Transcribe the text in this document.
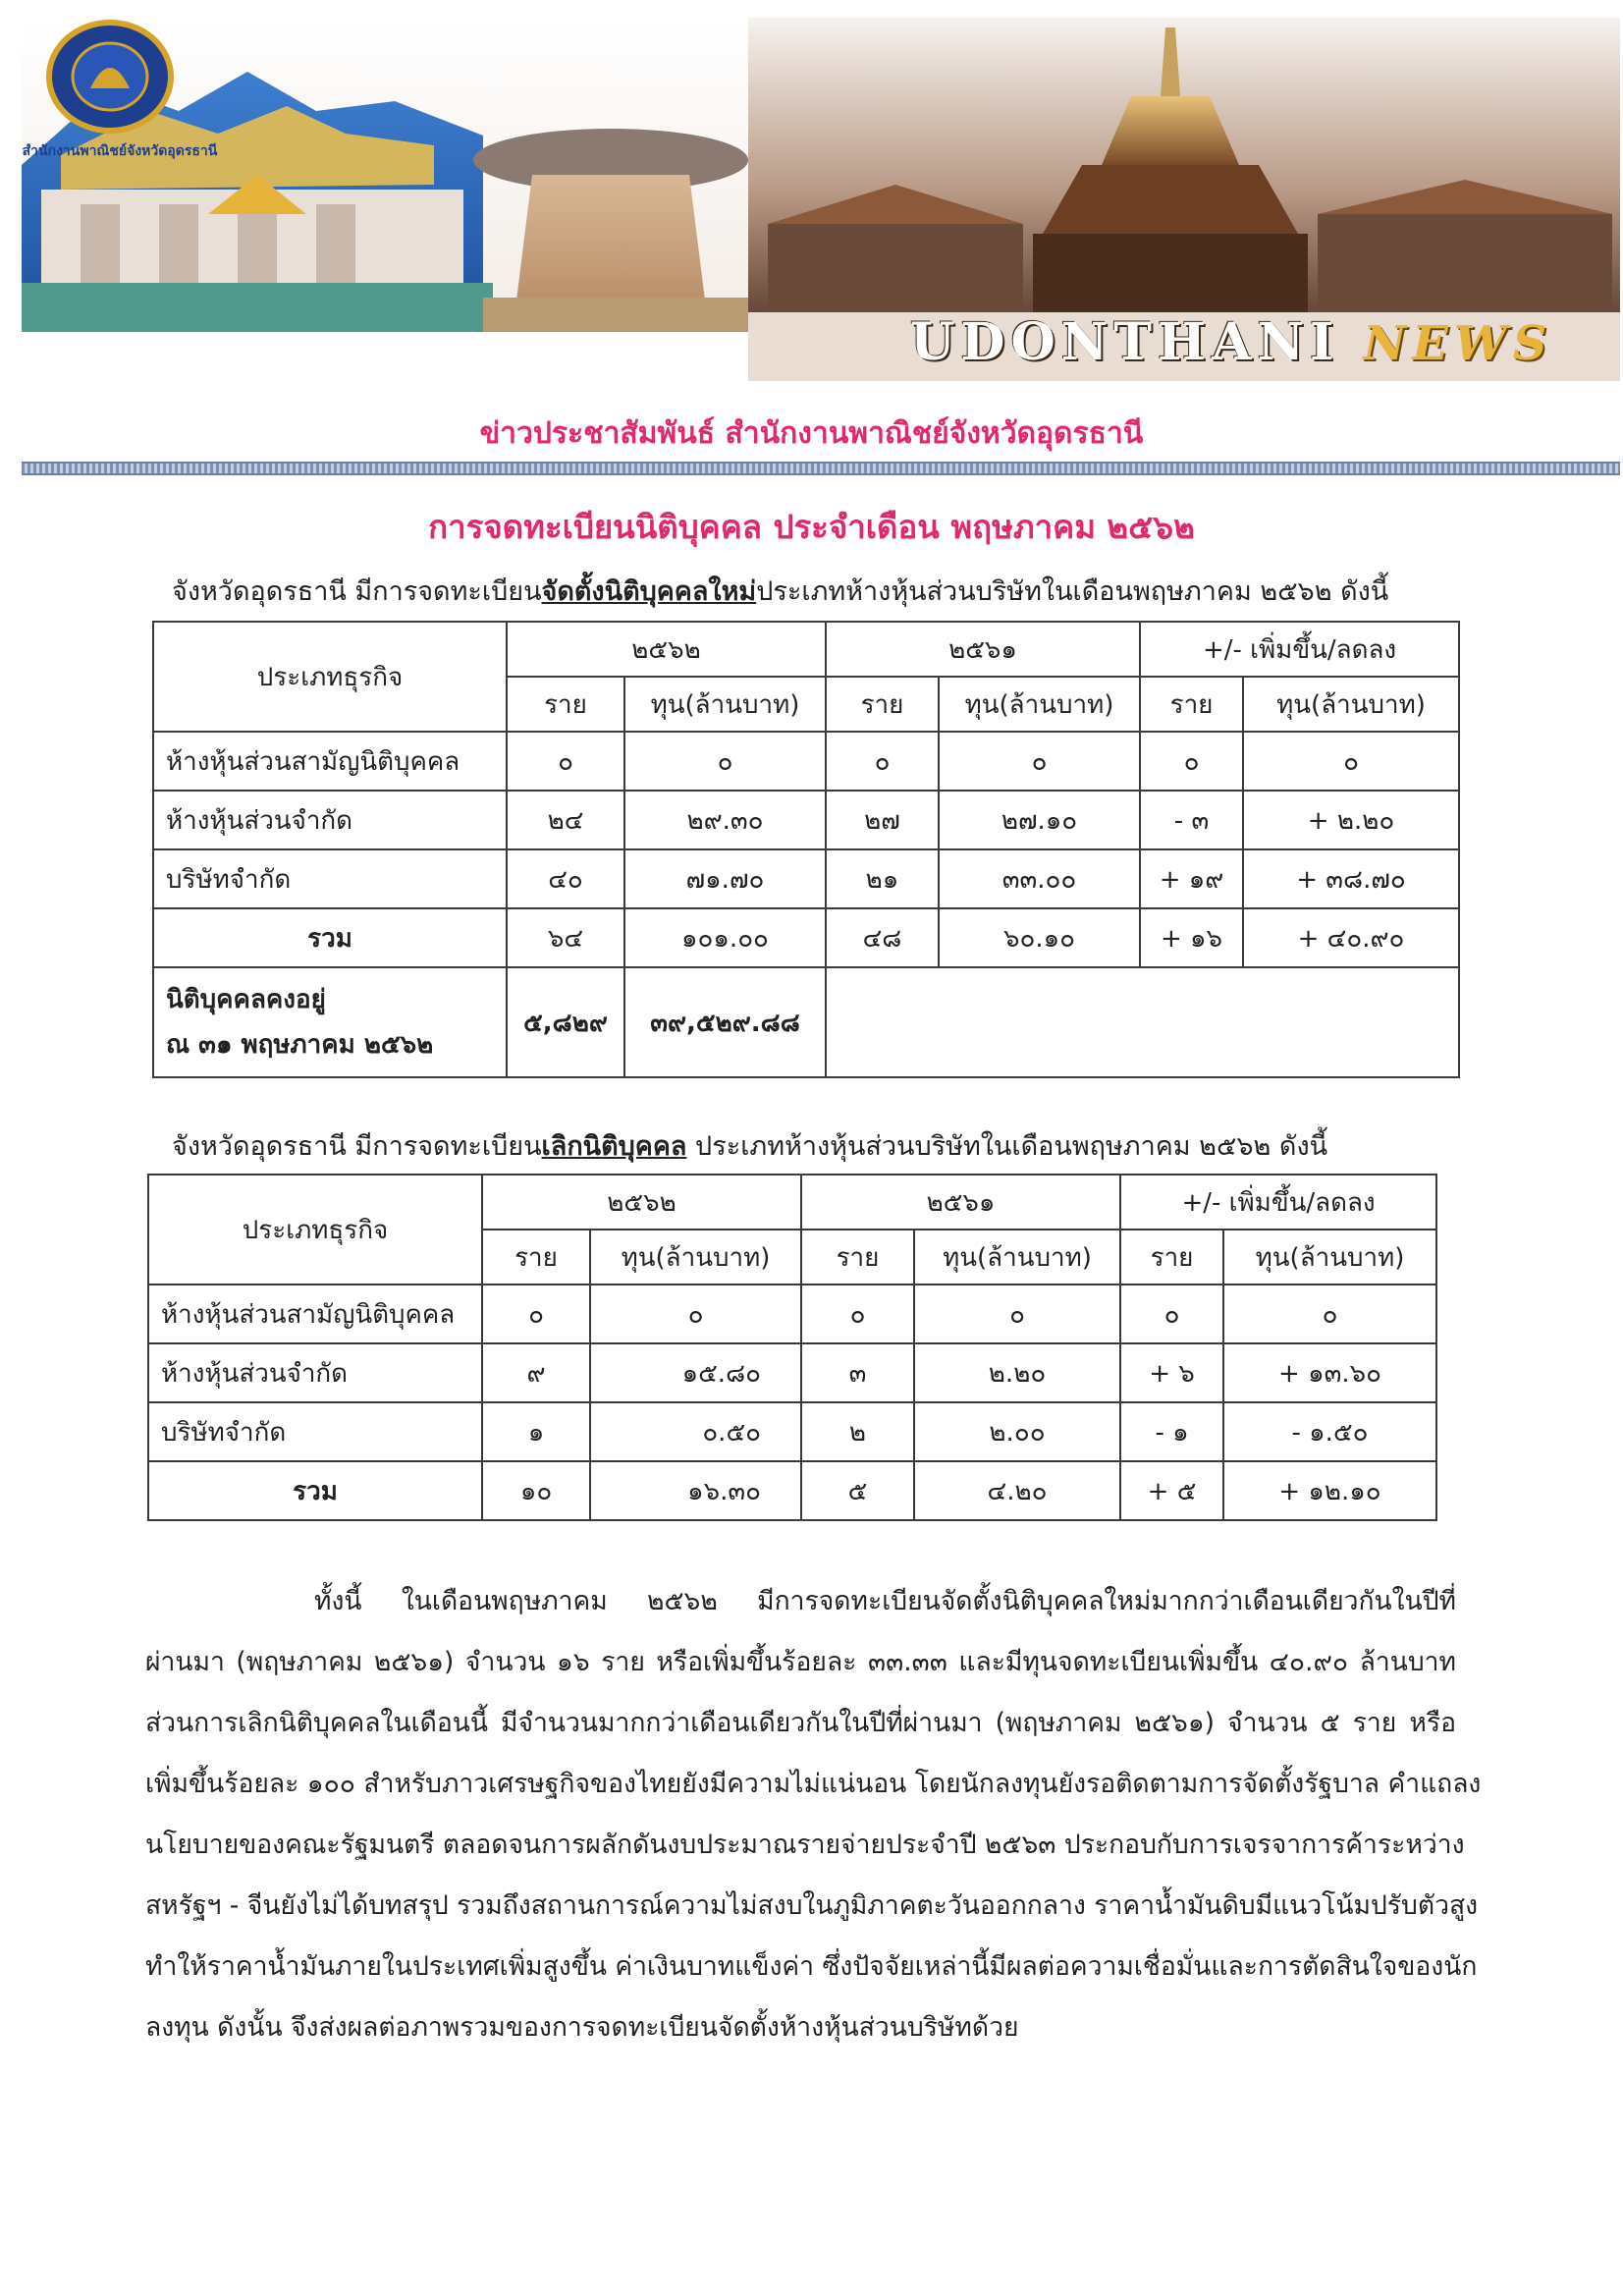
สำนักงานพาณิชย์จังหวัดอุดรธานี
UDONTHANI NEWS
ข่าวประชาสัมพันธ์ สำนักงานพาณิชย์จังหวัดอุดรธานี
การจดทะเบียนนิติบุคคล ประจำเดือน พฤษภาคม ๒๕๖๒
จังหวัดอุดรธานี มีการจดทะเบียนจัดตั้งนิติบุคคลใหม่ประเภทห้างหุ้นส่วนบริษัทในเดือนพฤษภาคม ๒๕๖๒ ดังนี้
ประเภทธุรกิจ	๒๕๖๒		๒๕๖๑		+/- เพิ่มขึ้น/ลดลง	
	ราย	ทุน(ล้านบาท)	ราย	ทุน(ล้านบาท)	ราย	ทุน(ล้านบาท)
ห้างหุ้นส่วนสามัญนิติบุคคล	๐	๐	๐	๐	๐	๐
ห้างหุ้นส่วนจำกัด	๒๔	๒๙.๓๐	๒๗	๒๗.๑๐	- ๓	+ ๒.๒๐
บริษัทจำกัด	๔๐	๗๑.๗๐	๒๑	๓๓.๐๐	+ ๑๙	+ ๓๘.๗๐
รวม	๖๔	๑๐๑.๐๐	๔๘	๖๐.๑๐	+ ๑๖	+ ๔๐.๙๐

นิติบุคคลคงอยู่
ณ ๓๑ พฤษภาคม ๒๕๖๒	๕,๘๒๙	๓๙,๕๒๙.๘๘				
จังหวัดอุดรธานี มีการจดทะเบียนเลิกนิติบุคคล ประเภทห้างหุ้นส่วนบริษัทในเดือนพฤษภาคม ๒๕๖๒ ดังนี้
ประเภทธุรกิจ	๒๕๖๒		๒๕๖๑		+/- เพิ่มขึ้น/ลดลง	
	ราย	ทุน(ล้านบาท)	ราย	ทุน(ล้านบาท)	ราย	ทุน(ล้านบาท)
ห้างหุ้นส่วนสามัญนิติบุคคล	๐	๐	๐	๐	๐	๐
ห้างหุ้นส่วนจำกัด	๙	๑๕.๘๐	๓	๒.๒๐	+ ๖	+ ๑๓.๖๐
บริษัทจำกัด	๑	๐.๕๐	๒	๒.๐๐	- ๑	- ๑.๕๐
รวม	๑๐	๑๖.๓๐	๕	๔.๒๐	+ ๕	+ ๑๒.๑๐
ทั้งนี้ ในเดือนพฤษภาคม ๒๕๖๒ มีการจดทะเบียนจัดตั้งนิติบุคคลใหม่มากกว่าเดือนเดียวกันในปีที่
ผ่านมา (พฤษภาคม ๒๕๖๑) จำนวน ๑๖ ราย หรือเพิ่มขึ้นร้อยละ ๓๓.๓๓ และมีทุนจดทะเบียนเพิ่มขึ้น ๔๐.๙๐ ล้านบาท
ส่วนการเลิกนิติบุคคลในเดือนนี้ มีจำนวนมากกว่าเดือนเดียวกันในปีที่ผ่านมา (พฤษภาคม ๒๕๖๑) จำนวน ๕ ราย หรือ
เพิ่มขึ้นร้อยละ ๑๐๐ สำหรับภาวเศรษฐกิจของไทยยังมีความไม่แน่นอน โดยนักลงทุนยังรอติดตามการจัดตั้งรัฐบาล คำแถลง
นโยบายของคณะรัฐมนตรี ตลอดจนการผลักดันงบประมาณรายจ่ายประจำปี ๒๕๖๓ ประกอบกับการเจรจาการค้าระหว่าง
สหรัฐฯ - จีนยังไม่ได้บทสรุป รวมถึงสถานการณ์ความไม่สงบในภูมิภาคตะวันออกกลาง ราคาน้ำมันดิบมีแนวโน้มปรับตัวสูง
ทำให้ราคาน้ำมันภายในประเทศเพิ่มสูงขึ้น ค่าเงินบาทแข็งค่า ซึ่งปัจจัยเหล่านี้มีผลต่อความเชื่อมั่นและการตัดสินใจของนัก
ลงทุน ดังนั้น จึงส่งผลต่อภาพรวมของการจดทะเบียนจัดตั้งห้างหุ้นส่วนบริษัทด้วย
